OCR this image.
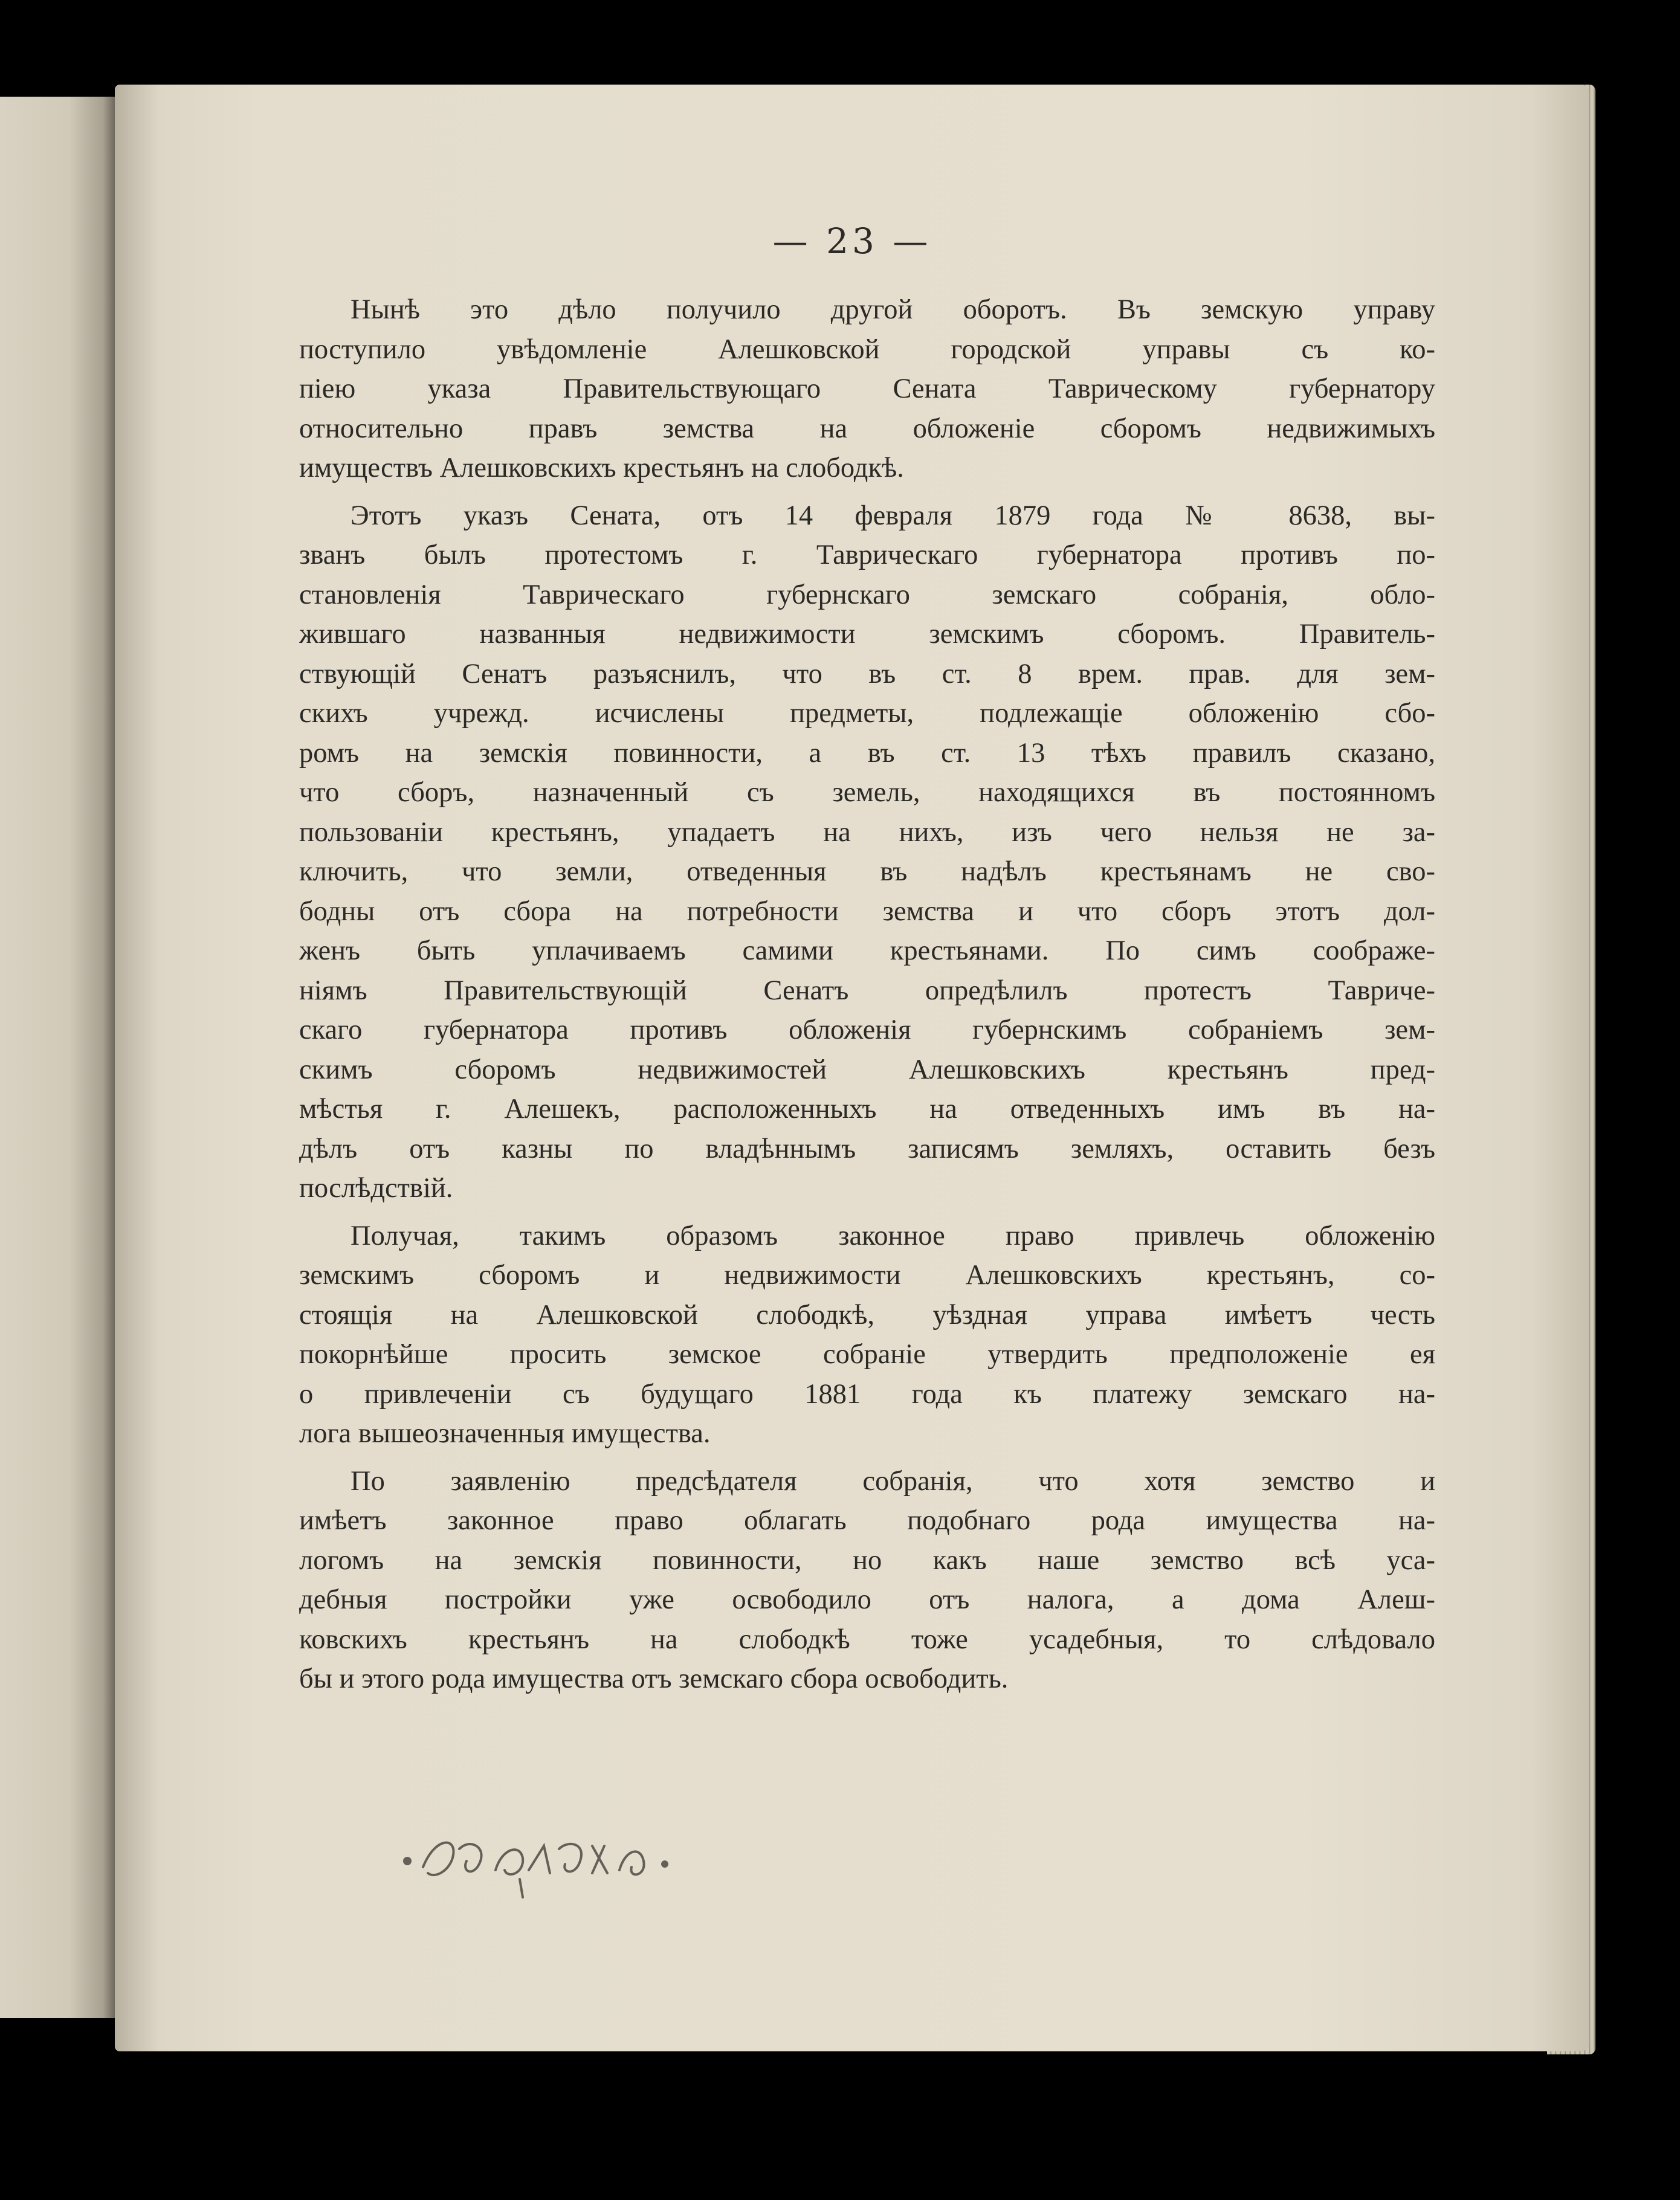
— 23 —
Нынѣ это дѣло получило другой оборотъ. Въ земскую управу
поступило увѣдомленіе Алешковской городской управы съ ко-
піею указа Правительствующаго Сената Таврическому губернатору
относительно правъ земства на обложеніе сборомъ недвижимыхъ
имуществъ Алешковскихъ крестьянъ на слободкѣ.
Этотъ указъ Сената, отъ 14 февраля 1879 года № 8638, вы-
званъ былъ протестомъ г. Таврическаго губернатора противъ по-
становленія Таврическаго губернскаго земскаго собранія, обло-
жившаго названныя недвижимости земскимъ сборомъ. Правитель-
ствующій Сенатъ разъяснилъ, что въ ст. 8 врем. прав. для зем-
скихъ учрежд. исчислены предметы, подлежащіе обложенію сбо-
ромъ на земскія повинности, а въ ст. 13 тѣхъ правилъ сказано,
что сборъ, назначенный съ земель, находящихся въ постоянномъ
пользованіи крестьянъ, упадаетъ на нихъ, изъ чего нельзя не за-
ключить, что земли, отведенныя въ надѣлъ крестьянамъ не сво-
бодны отъ сбора на потребности земства и что сборъ этотъ дол-
женъ быть уплачиваемъ самими крестьянами. По симъ соображе-
ніямъ Правительствующій Сенатъ опредѣлилъ протестъ Тавриче-
скаго губернатора противъ обложенія губернскимъ собраніемъ зем-
скимъ сборомъ недвижимостей Алешковскихъ крестьянъ пред-
мѣстья г. Алешекъ, расположенныхъ на отведенныхъ имъ въ на-
дѣлъ отъ казны по владѣннымъ записямъ земляхъ, оставить безъ
послѣдствій.
Получая, такимъ образомъ законное право привлечь обложенію
земскимъ сборомъ и недвижимости Алешковскихъ крестьянъ, со-
стоящія на Алешковской слободкѣ, уѣздная управа имѣетъ честь
покорнѣйше просить земское собраніе утвердить предположеніе ея
о привлеченіи съ будущаго 1881 года къ платежу земскаго на-
лога вышеозначенныя имущества.
По заявленію предсѣдателя собранія, что хотя земство и
имѣетъ законное право облагать подобнаго рода имущества на-
логомъ на земскія повинности, но какъ наше земство всѣ уса-
дебныя постройки уже освободило отъ налога, а дома Алеш-
ковскихъ крестьянъ на слободкѣ тоже усадебныя, то слѣдовало
бы и этого рода имущества отъ земскаго сбора освободить.
